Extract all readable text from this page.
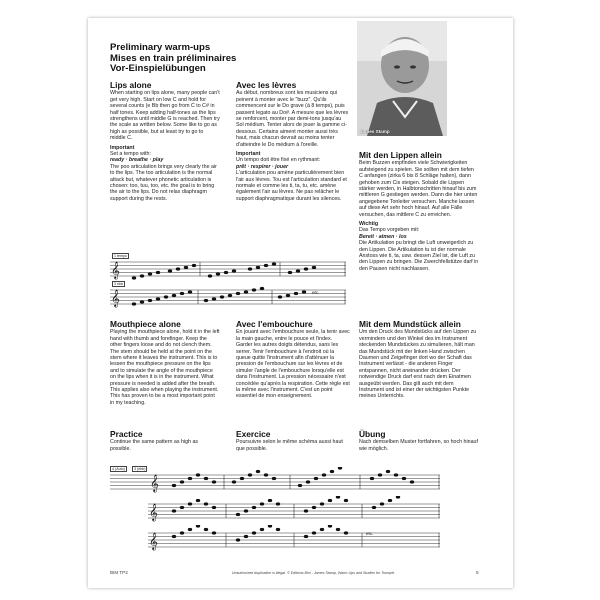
Preliminary warm-ups
Mises en train préliminaires
Vor-Einspielübungen
Lips alone

When starting on lips alone, many people can't get very high. Start on low C and hold for several counts (e Bb then go from C to C# in half tones. Keep adding half-tones as the lips strengthens until middle G is reached. Then try the scale as written below. Some like to go as high as possible, but at least try to go to middle C.

Important
Set a tempo with:
ready · breathe · play

The poo articulation brings very clearly the air to the lips. The too articulation is the normal attack but, whatever phonetic articulation is chosen: too, tuu, too, etc. the goal is to bring the air to the lips. Do not relax diaphragm support during the rests.

Avec les lèvres

Au début, nombreux sont les musiciens qui peinent à monter avec le "buzz". Qu'ils commencent sur le Do grave (à 8 temps), puis passent legato au Do#. A mesure que les lèvres se renforcent, monter par demi-tons jusqu'au Sol médium. Tenter alors de jouer la gamme ci-dessous. Certains aiment monter aussi très haut, mais chacun devrait au moins tenter d'atteindre le Do médium à l'oreille.

Important
Un tempo doit être fixé en rythmant:
prêt · respirer · jouer

L'articulation pou amène particulièrement bien l'air aux lèvres. Tou est l'articulation standard et normale et comme les ti, ta, tu, etc. amène également l'air au lèvres. Ne pas relâcher le support diaphragmatique durant les silences.

James Stamp
Mit den Lippen allein

Beim Buzzen empfinden viele Schwierigkeiten aufsteigend zu spielen. Sie sollten mit dem tiefen C anfangen (zirka 6 bis 8 Schläge halten), dann gehoben zum Cis steigen. Sobald die Lippen stärker werden, in Halbtonschritten hinauf bis zum mittleren G gestiegen werden. Dann die hier unten angegebene Tonleiter versuchen. Manche lassen auf diese Art sehr hoch hinauf. Auf alle Fälle versuchen, das mittlere C zu erreichen.

Wichtig
Das Tempo vorgeben mit:
Bereit · atmen · los

Die Artikulation pu bringt die Luft unweigerlich zu den Lippen. Die Artikulation tu ist der normale Anstoss wie ti, ta, usw. dessen Ziel ist, die Luft zu den Lippen zu bringen. Die Zwerchfellstütze darf in den Pausen nicht nachlassen.

𝄞
1 tempo
𝄞
3 ebb
etc.
Mouthpiece alone

Playing the mouthpiece alone, hold it in the left hand with thumb and forefinger. Keep the other fingers loose and do not clench them. The stem should be held at the point on the stem where it leaves the instrument. This is to lessen the mouthpiece pressure on the lips and to simulate the angle of the mouthpiece on the lips when it is in the instrument. What pressure is needed is added after the breath. This applies also when playing the instrument. This has proven to be a most important point in my teaching.

Avec l'embouchure

En jouant avec l'embouchure seule, la tenir avec la main gauche, entre le pouce et l'index. Garder les autres doigts détendus, sans les serrer. Tenir l'embouchure à l'endroit où la queue quitte l'instrument afin d'atténuer la pression de l'embouchure sur les lèvres et de simuler l'angle de l'embouchure lorsqu'elle est dans l'instrument. La pression nécessaire n'est concédée qu'après la respiration. Cette règle est la même avec l'instrument. C'est un point essentiel de mon enseignement.

Mit dem Mundstück allein

Um den Druck des Mundstücks auf den Lippen zu vermindern und den Winkel des im Instrument steckenden Mundstückes zu simulieren, hält man das Mundstück mit der linken Hand zwischen Daumen und Zeigefinger dort wo der Schaft das Instrument verlässt - die anderen Finger entspannen, nicht aneinander drücken. Der notwendige Druck darf erst nach dem Einatmen ausgeübt werden. Das gilt auch mit dem Instrument und ist einer der wichtigsten Punkte meines Unterrichts.

Practice

Continue the same pattern as high as possible.

Exercice

Poursuivre selon le même schéma aussi haut que possible.

Übung

Nach demselben Muster fortfahren, so hoch hinauf wie möglich.

𝄞
4 (Auto)	3 (ebb)
𝄞
𝄞	etc.
BIM TP2	Unauthorized duplication is illegal. © Editions Bim - James Stamp, Warm-Ups and Studies for Trumpet	5
